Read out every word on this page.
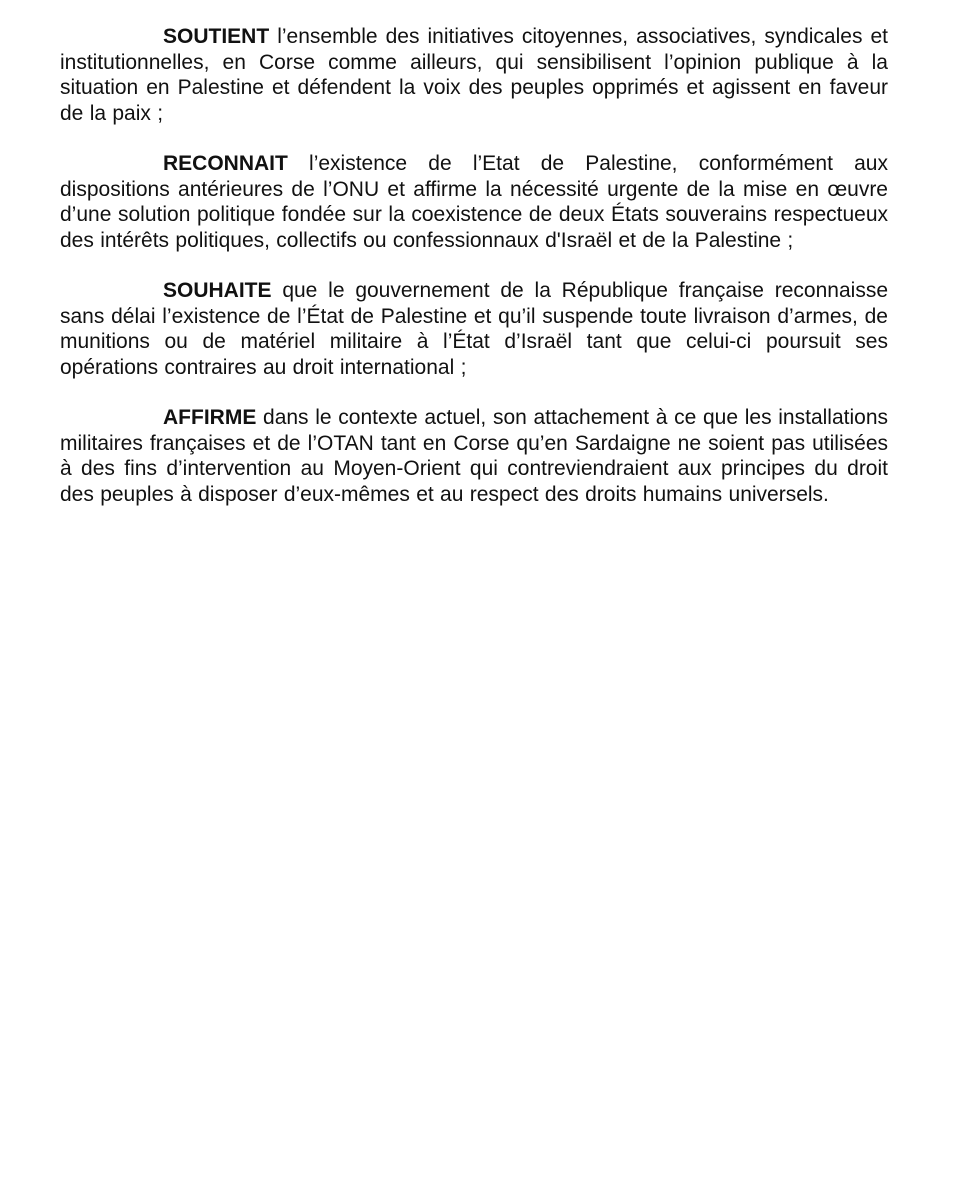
SOUTIENT l’ensemble des initiatives citoyennes, associatives, syndicales et institutionnelles, en Corse comme ailleurs, qui sensibilisent l’opinion publique à la situation en Palestine et défendent la voix des peuples opprimés et agissent en faveur de la paix ;

RECONNAIT l’existence de l’Etat de Palestine, conformément aux dispositions antérieures de l’ONU et affirme la nécessité urgente de la mise en œuvre d’une solution politique fondée sur la coexistence de deux États souverains respectueux des intérêts politiques, collectifs ou confessionnaux d'Israël et de la Palestine ;

SOUHAITE que le gouvernement de la République française reconnaisse sans délai l’existence de l’État de Palestine et qu’il suspende toute livraison d’armes, de munitions ou de matériel militaire à l’État d’Israël tant que celui-ci poursuit ses opérations contraires au droit international ;

AFFIRME dans le contexte actuel, son attachement à ce que les installations militaires françaises et de l’OTAN tant en Corse qu’en Sardaigne ne soient pas utilisées à des fins d’intervention au Moyen-Orient qui contreviendraient aux principes du droit des peuples à disposer d’eux-mêmes et au respect des droits humains universels.
